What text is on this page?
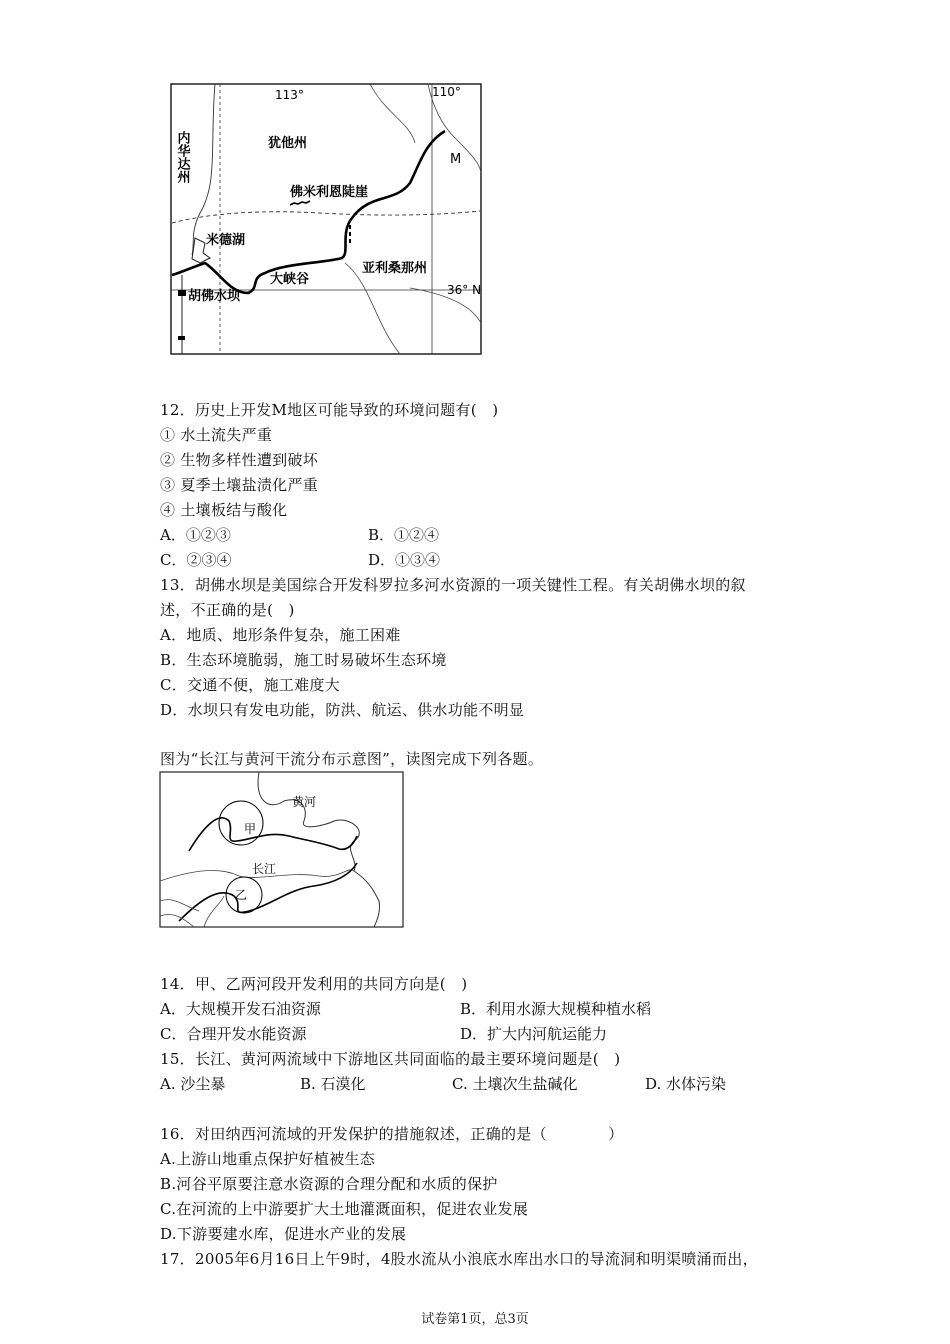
113°	110°
36° N
犹他州
M
佛米利恩陡崖
米德湖
大峡谷
亚利桑那州
胡佛水坝
内华达州
12．历史上开发M地区可能导致的环境问题有(　)
① 水土流失严重
② 生物多样性遭到破坏
③ 夏季土壤盐渍化严重
④ 土壤板结与酸化
A．①②③	B．①②④
C．②③④	D．①③④
13．胡佛水坝是美国综合开发科罗拉多河水资源的一项关键性工程。有关胡佛水坝的叙
述，不正确的是(　)
A．地质、地形条件复杂，施工困难
B．生态环境脆弱，施工时易破坏生态环境
C．交通不便，施工难度大
D．水坝只有发电功能，防洪、航运、供水功能不明显
图为“长江与黄河干流分布示意图”，读图完成下列各题。
黄河
甲
长江
乙
14．甲、乙两河段开发利用的共同方向是(　)
A．大规模开发石油资源	B．利用水源大规模种植水稻
C．合理开发水能资源	D．扩大内河航运能力
15．长江、黄河两流域中下游地区共同面临的最主要环境问题是(　)
A. 沙尘暴	B. 石漠化	C. 土壤次生盐碱化	D. 水体污染
16．对田纳西河流域的开发保护的措施叙述，正确的是（　　　　）
A.上游山地重点保护好植被生态
B.河谷平原要注意水资源的合理分配和水质的保护
C.在河流的上中游要扩大土地灌溉面积，促进农业发展
D.下游要建水库，促进水产业的发展
17．2005年6月16日上午9时，4股水流从小浪底水库出水口的导流洞和明渠喷涌而出，
试卷第1页，总3页
